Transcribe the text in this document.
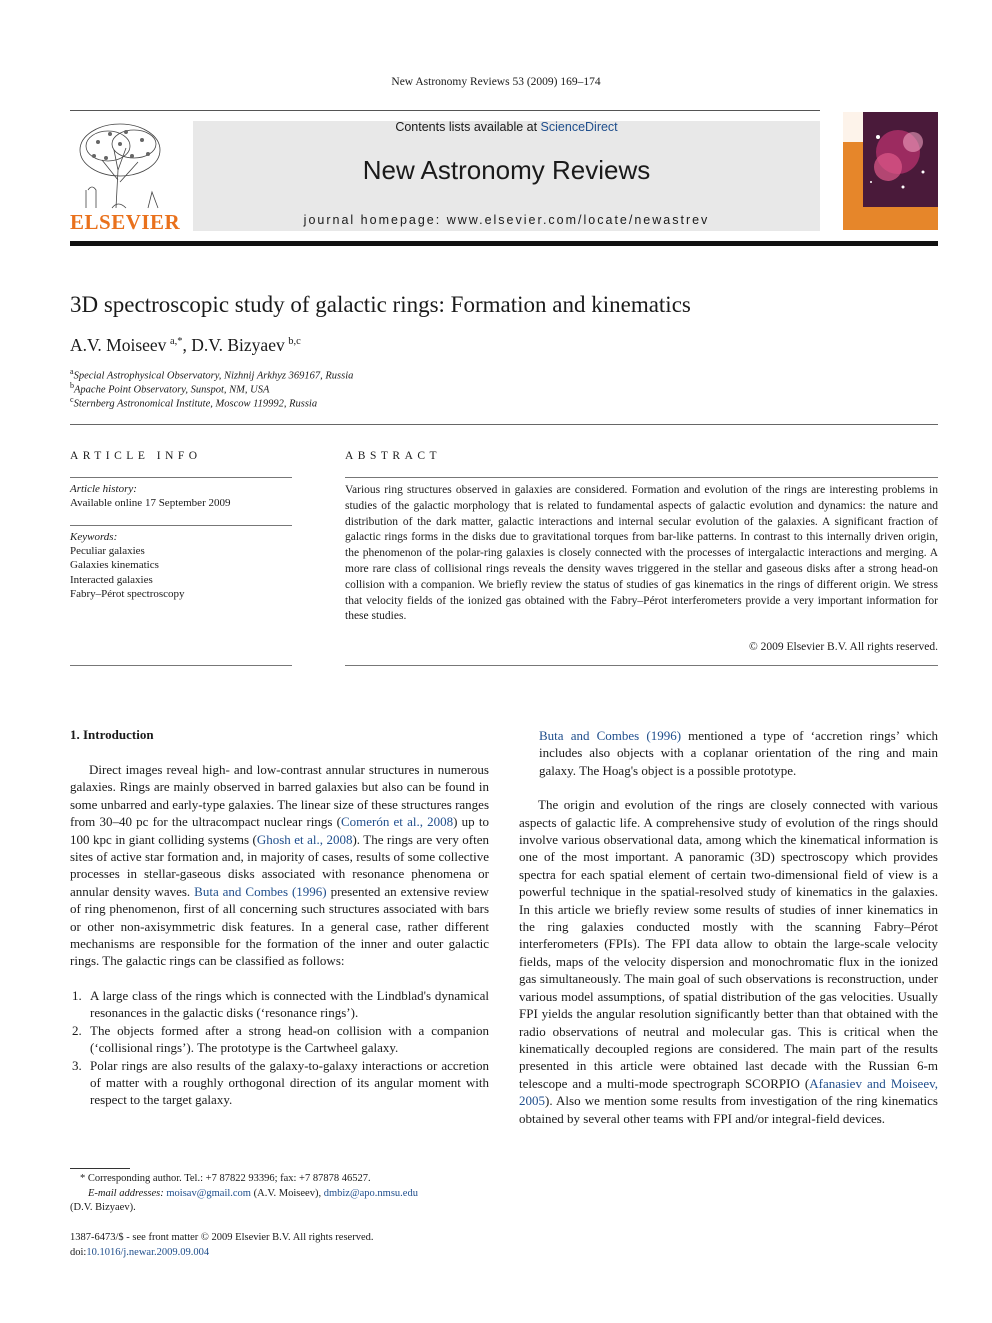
New Astronomy Reviews 53 (2009) 169–174
ELSEVIER
Contents lists available at ScienceDirect
New Astronomy Reviews
journal homepage: www.elsevier.com/locate/newastrev
3D spectroscopic study of galactic rings: Formation and kinematics
A.V. Moiseev  $^{a,*}$, D.V. Bizyaev  $^{b,c}$
$^a$Special Astrophysical Observatory, Nizhnij Arkhyz 369167, Russia
$^b$Apache Point Observatory, Sunspot, NM, USA
$^c$Sternberg Astronomical Institute, Moscow 119992, Russia
ARTICLE INFO
Article history:
Available online 17 September 2009
Keywords:
Peculiar galaxies
Galaxies kinematics
Interacted galaxies
Fabry–Pérot spectroscopy
ABSTRACT
Various ring structures observed in galaxies are considered. Formation and evolution of the rings are interesting problems in studies of the galactic morphology that is related to fundamental aspects of galactic evolution and dynamics: the nature and distribution of the dark matter, galactic interactions and internal secular evolution of the galaxies. A significant fraction of galactic rings forms in the disks due to gravitational torques from bar-like patterns. In contrast to this internally driven origin, the phenomenon of the polar-ring galaxies is closely connected with the processes of intergalactic interactions and merging. A more rare class of collisional rings reveals the density waves triggered in the stellar and gaseous disks after a strong head-on collision with a companion. We briefly review the status of studies of gas kinematics in the rings of different origin. We stress that velocity fields of the ionized gas obtained with the Fabry–Pérot interferometers provide a very important information for these studies.
© 2009 Elsevier B.V. All rights reserved.
1. Introduction

Direct images reveal high- and low-contrast annular structures in numerous galaxies. Rings are mainly observed in barred galaxies but also can be found in some unbarred and early-type galaxies. The linear size of these structures ranges from 30–40 pc for the ultracompact nuclear rings (Comerón et al., 2008) up to 100 kpc in giant colliding systems (Ghosh et al., 2008). The rings are very often sites of active star formation and, in majority of cases, results of some collective processes in stellar-gaseous disks associated with resonance phenomena or annular density waves. Buta and Combes (1996) presented an extensive review of ring phenomenon, first of all concerning such structures associated with bars or other non-axisymmetric disk features. In a general case, rather different mechanisms are responsible for the formation of the inner and outer galactic rings. The galactic rings can be classified as follows:

1. A large class of the rings which is connected with the Lindblad's dynamical resonances in the galactic disks (‘resonance rings’).
2. The objects formed after a strong head-on collision with a companion (‘collisional rings’). The prototype is the Cartwheel galaxy.
3. Polar rings are also results of the galaxy-to-galaxy interactions or accretion of matter with a roughly orthogonal direction of its angular moment with respect to the target galaxy.
* Corresponding author. Tel.: +7 87822 93396; fax: +7 87878 46527.
E-mail addresses: moisav@gmail.com (A.V. Moiseev), dmbiz@apo.nmsu.edu
(D.V. Bizyaev).
1387-6473/$ - see front matter © 2009 Elsevier B.V. All rights reserved.
doi:10.1016/j.newar.2009.09.004
Buta and Combes (1996) mentioned a type of ‘accretion rings’ which includes also objects with a coplanar orientation of the ring and main galaxy. The Hoag's object is a possible prototype.

The origin and evolution of the rings are closely connected with various aspects of galactic life. A comprehensive study of evolution of the rings should involve various observational data, among which the kinematical information is one of the most important. A panoramic (3D) spectroscopy which provides spectra for each spatial element of certain two-dimensional field of view is a powerful technique in the spatial-resolved study of kinematics in the galaxies. In this article we briefly review some results of studies of inner kinematics in the ring galaxies conducted mostly with the scanning Fabry–Pérot interferometers (FPIs). The FPI data allow to obtain the large-scale velocity fields, maps of the velocity dispersion and monochromatic flux in the ionized gas simultaneously. The main goal of such observations is reconstruction, under various model assumptions, of spatial distribution of the gas velocities. Usually FPI yields the angular resolution significantly better than that obtained with the radio observations of neutral and molecular gas. This is critical when the kinematically decoupled regions are considered. The main part of the results presented in this article were obtained last decade with the Russian 6-m telescope and a multi-mode spectrograph SCORPIO (Afanasiev and Moiseev, 2005). Also we mention some results from investigation of the ring kinematics obtained by several other teams with FPI and/or integral-field devices.
